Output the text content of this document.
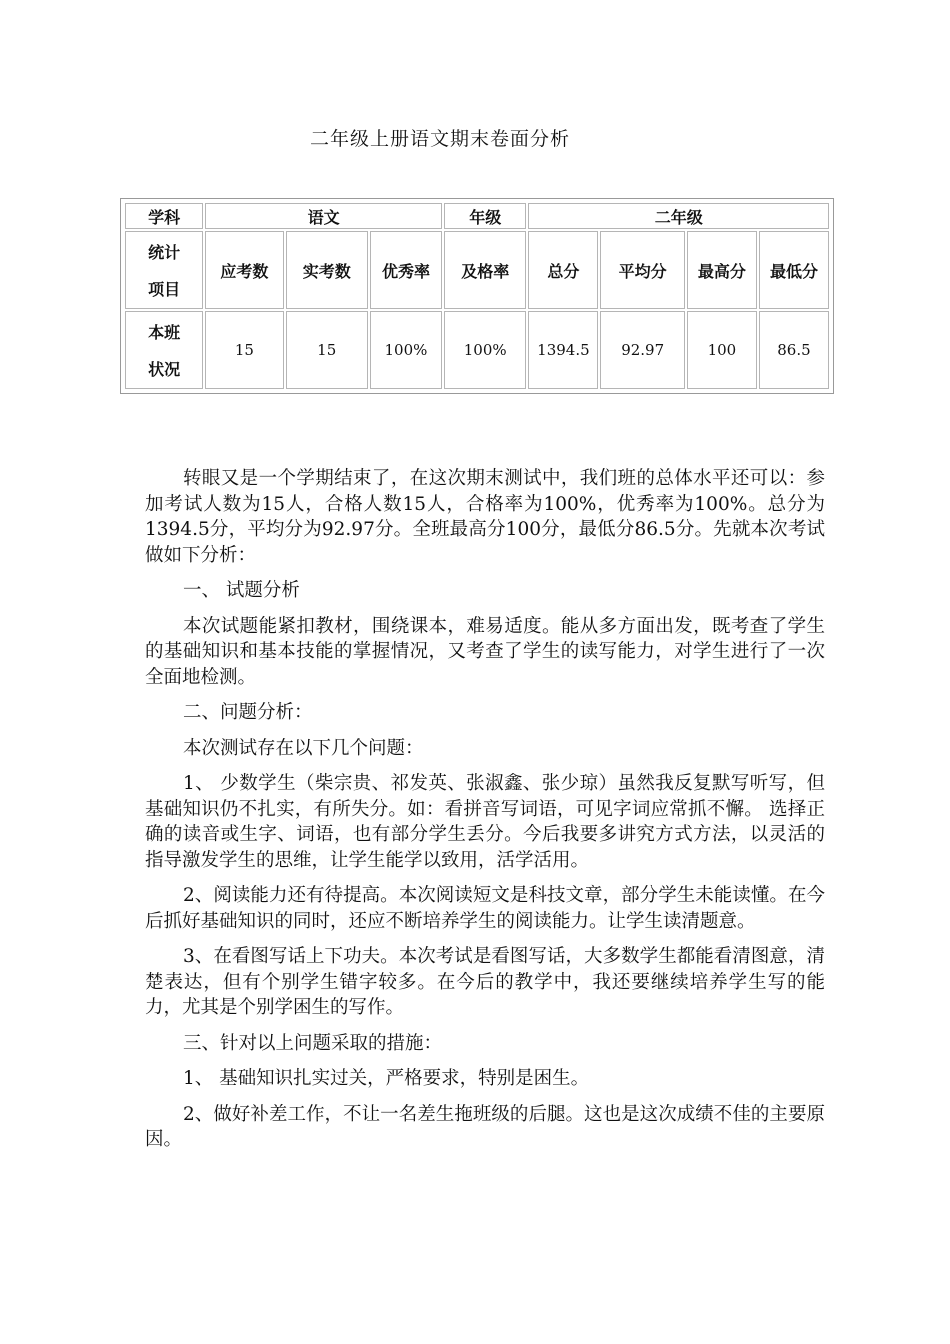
二年级上册语文期末卷面分析
学科	语文			年级	二年级			

统计
项目	应考数	实考数	优秀率	及格率	总分	平均分	最高分	最低分

本班
状况	15	15	100%	100%	1394.5	92.97	100	86.5

转眼又是一个学期结束了，在这次期末测试中，我们班的总体水平还可以：参加考试人数为15人，合格人数15人，合格率为100%，优秀率为100%。总分为1394.5分，平均分为92.97分。全班最高分100分，最低分86.5分。先就本次考试做如下分析：

一、 试题分析

本次试题能紧扣教材，围绕课本，难易适度。能从多方面出发，既考查了学生的基础知识和基本技能的掌握情况，又考查了学生的读写能力，对学生进行了一次全面地检测。

二、问题分析：

本次测试存在以下几个问题：

1、 少数学生（柴宗贵、祁发英、张淑鑫、张少琼）虽然我反复默写听写，但基础知识仍不扎实，有所失分。如：看拼音写词语，可见字词应常抓不懈。 选择正确的读音或生字、词语，也有部分学生丢分。今后我要多讲究方式方法，以灵活的指导激发学生的思维，让学生能学以致用，活学活用。

2、阅读能力还有待提高。本次阅读短文是科技文章，部分学生未能读懂。在今后抓好基础知识的同时，还应不断培养学生的阅读能力。让学生读清题意。

3、在看图写话上下功夫。本次考试是看图写话，大多数学生都能看清图意，清楚表达，但有个别学生错字较多。在今后的教学中，我还要继续培养学生写的能力，尤其是个别学困生的写作。

三、针对以上问题采取的措施：

1、 基础知识扎实过关，严格要求，特别是困生。

2、做好补差工作，不让一名差生拖班级的后腿。这也是这次成绩不佳的主要原因。
